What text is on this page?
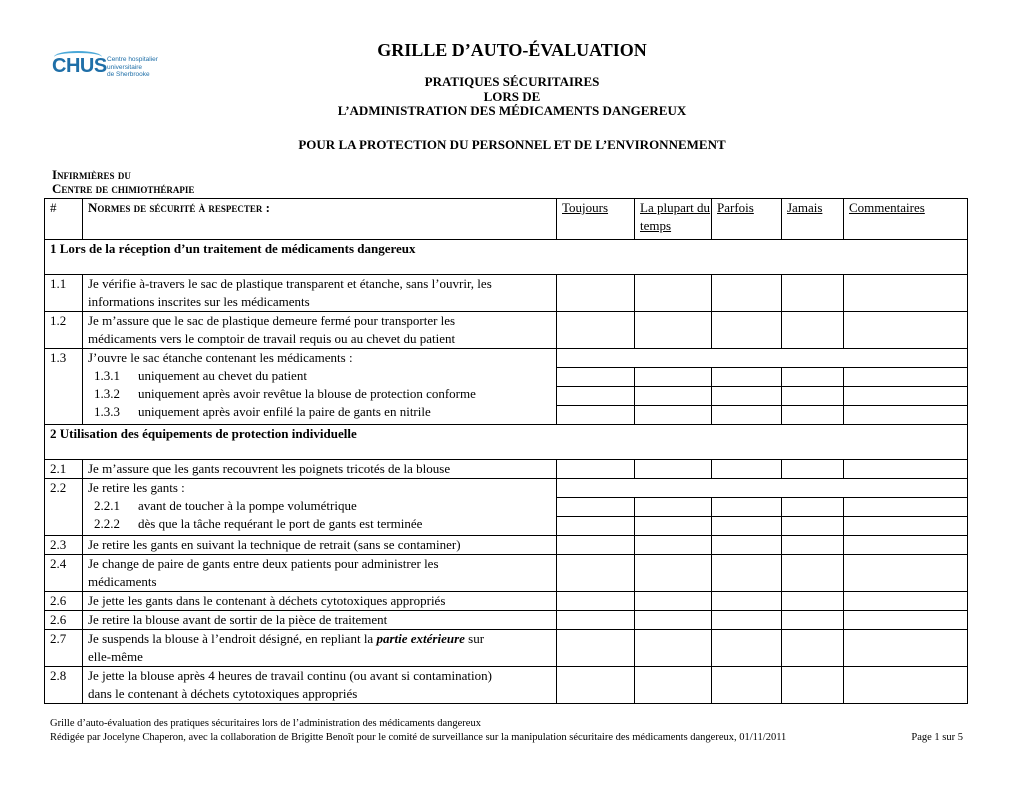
CHUS Centre hospitalier
universitaire
de Sherbrooke
GRILLE D’AUTO-ÉVALUATION
PRATIQUES SÉCURITAIRES
LORS DE
L’ADMINISTRATION DES MÉDICAMENTS DANGEREUX
POUR LA PROTECTION DU PERSONNEL ET DE L’ENVIRONNEMENT
Infirmières du
Centre de chimiothérapie
#	Normes de sécurité à respecter :	Toujours	La plupart du temps	Parfois	Jamais	Commentaires
1 Lors de la réception d’un traitement de médicaments dangereux						
1.1	Je vérifie à-travers le sac de plastique transparent et étanche, sans l’ouvrir, les
informations inscrites sur les médicaments					

1.2	Je m’assure que le sac de plastique demeure fermé pour transporter les
médicaments vers le comptoir de travail requis ou au chevet du patient					

1.3	J’ouvre le sac étanche contenant les médicaments :
1.3.1 uniquement au chevet du patient
1.3.2 uniquement après avoir revêtue la blouse de protection conforme
1.3.3 uniquement après avoir enfilé la paire de gants en nitrile					

2 Utilisation des équipements de protection individuelle						
2.1	Je m’assure que les gants recouvrent les poignets tricotés de la blouse					
2.2	Je retire les gants :
2.2.1 avant de toucher à la pompe volumétrique
2.2.2 dès que la tâche requérant le port de gants est terminée					

2.3	Je retire les gants en suivant la technique de retrait (sans se contaminer)					
2.4	Je change de paire de gants entre deux patients pour administrer les
médicaments					

2.6	Je jette les gants dans le contenant à déchets cytotoxiques appropriés					
2.6	Je retire la blouse avant de sortir de la pièce de traitement					
2.7	Je suspends la blouse à l’endroit désigné, en repliant la partie extérieure sur
elle-même					

2.8	Je jette la blouse après 4 heures de travail continu (ou avant si contamination)
dans le contenant à déchets cytotoxiques appropriés					

Grille d’auto-évaluation des pratiques sécuritaires lors de l’administration des médicaments dangereux
Rédigée par Jocelyne Chaperon, avec la collaboration de Brigitte Benoît pour le comité de surveillance sur la manipulation sécuritaire des médicaments dangereux, 01/11/2011	Page 1 sur 5
